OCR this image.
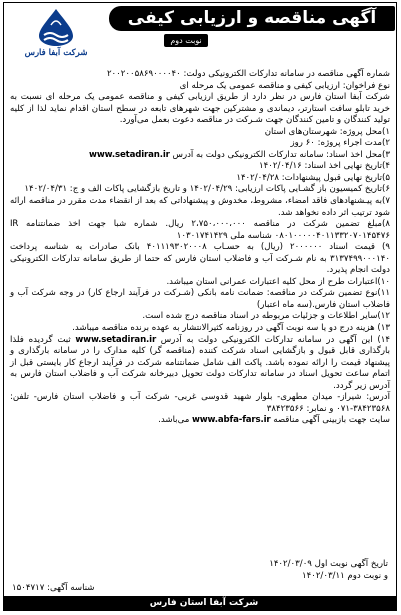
آگهی مناقصه و ارزیابی کیفی
نوبت دوم
شرکت آبفا فارس

شماره آگهی مناقصه در سامانه تدارکات الکترونیکی دولت: ۲۰۰۲۰۰۵۸۶۹۰۰۰۰۴۰

نوع فراخوان: ارزیابی کیفی و مناقصه عمومی یک مرحله ای

شرکت آبفا استان فارس در نظر دارد از طریق ارزیابی کیفی و مناقصه عمومی یک مرحله ای نسبت به خرید تابلو سافت استارتر، دیماندی و مشترکین جهت شهرهای تابعه در سطح استان اقدام نماید لذا از کلیه تولید کنندگان و تامین کنندگان جهت شـرکت در مناقصه دعوت بعمل می‌آورد.

۱)محل پروژه: شهرستان‌های استان

۲)مدت اجراء پروژه: ۶۰ روز

۳)محل اخذ اسناد: سامانه تدارکات الکترونیکی دولت به آدرس www.setadiran.ir

۴)تاریخ نهایی اخذ اسناد: ۱۴۰۲/۰۴/۱۶

۵)تاریخ نهایی قبول پیشنهادات: ۱۴۰۲/۰۴/۲۸

۶)تاریخ کمیسیون باز گشـایی پاکات ارزیابی: ۱۴۰۲/۰۴/۲۹ و تاریخ بازگشایی پاکات الف و ج: ۱۴۰۲/۰۴/۳۱

۷)به پیـشنهادهای فاقد امضاء، مشروط، مخدوش و پیشنهاداتی که بعد از انقضاء مدت مقرر در مناقصه ارائه شود ترتیب اثر داده نخواهد شد.

۸)مبلغ تضمین شرکت در مناقصه ۲،۷۵۰،۰۰۰،۰۰۰ ریال. شماره شبا جهت اخذ ضمانتنامه IR ۰۸۰۱۰۰۰۰۰۴۰۱۱۳۳۲۰۷۰۱۴۵۴۷۶ شناسه ملی ۱۰۳۰۱۷۴۱۴۲۹

۹) قیمت اسناد ۲۰۰۰۰۰۰ (ریال) به حسـاب ۴۰۱۱۱۹۳۰۲۰۰۰۸ بانک صادرات به شناسه پرداخت ۳۱۳۷۴۹۹۰۰۰۱۴۰ به نام شـرکت آب و فاضلاب استان فارس که حتما از طریق سامانه تدارکات الکترونیکی دولت انجام پذیرد.

۱۰)اعتبارات طرح از محل کلیه اعتبارات عمرانی استان میباشد.

۱۱)نوع تضمین شرکت در مناقصه: ضمانت نامه بانکی (شـرکت در فرآیند ارجاع کار) در وجه شرکت آب و فاضلاب استان فارس.(سه ماه اعتبار)

۱۲)سایر اطلاعات و جزئیات مربوطه در اسناد مناقصه درج شده است.

۱۳) هزینه درج دو یا سه نوبت آگهی در روزنامه کثیرالانتشار به عهده برنده مناقصه میباشد.

۱۴) این آگهی در سامانه تدارکات الکترونیکی دولت به آدرس www.setadiran.ir ثبت گردیده فلذا بارگذاری قابل قبول و بازگشایی اسناد شرکت کننده (مناقصه گر) کلیه مدارک را در سامانه بارگذاری و پیشنهاد قیمت را ارائه نموده باشد. پاکت الف شامل ضمانتنامه شرکت در فرآیند ارجاع کار بایستی قبل از اتمام ساعت تحویل اسناد در سامانه تدارکات دولت تحویل دبیرخانه شرکت آب و فاضلاب استان فارس به آدرس زیر گردد.

آدرس: شیراز- میدان مطهری- بلوار شهید قدوسی غربی- شرکت آب و فاضلاب استان فارس- تلفن: ۳۸۴۲۳۵۶۸-۰۷۱ و نمابر: ۳۸۴۲۳۵۶۶

سایت جهت بازبینی آگهی مناقصه www.abfa-fars.ir می‌باشد.

تاریخ آگهی نوبت اول ۱۴۰۲/۰۳/۰۹
و نوبت دوم ۱۴۰۲/۰۳/۱۱
شناسه آگهی: ۱۵۰۴۷۱۷
شرکت آبفا استان فارس
